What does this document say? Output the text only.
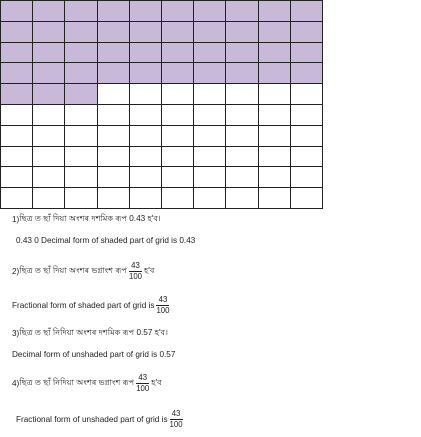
1) ছিত্ৰ ত ছাঁ দিয়া অংশৰ দশমিক ৰূপ 0.43 হ'ব।
0.43 0 Decimal form of shaded part of grid is 0.43
2) ছিত্ৰ ত ছাঁ দিয়া অংশৰ ভগ্নাংশ ৰূপ $\frac{43}{100}$ হ'ব
Fractional form of shaded part of grid is $\frac{43}{100}$
3) ছিত্ৰ ত ছাঁ নিদিয়া অংশৰ দশমিক ৰূপ 0.57 হ'ব।
Decimal form of unshaded part of grid is 0.57
4) ছিত্ৰ ত ছাঁ নিদিয়া অংশৰ ভগ্নাংশ ৰূপ $\frac{43}{100}$ হ'ব
Fractional form of unshaded part of grid is $\frac{43}{100}$
